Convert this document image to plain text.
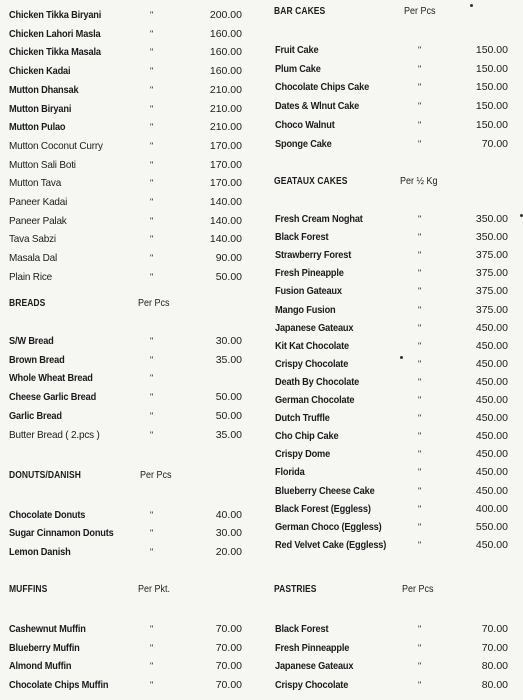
Chicken Tikka Biryani	"	200.00
Chicken Lahori Masla	"	160.00
Chicken Tikka Masala	"	160.00
Chicken Kadai	"	160.00
Mutton Dhansak	"	210.00
Mutton Biryani	"	210.00
Mutton Pulao	"	210.00
Mutton Coconut Curry	"	170.00
Mutton Sali Boti	"	170.00
Mutton Tava	"	170.00
Paneer Kadai	"	140.00
Paneer Palak	"	140.00
Tava Sabzi	"	140.00
Masala Dal	"	90.00
Plain Rice	"	50.00
BREADS	Per Pcs
S/W Bread	"	30.00
Brown Bread	"	35.00
Whole Wheat Bread	"
Cheese Garlic Bread	"	50.00
Garlic Bread	"	50.00
Butter Bread ( 2.pcs )	"	35.00
DONUTS/DANISH	Per Pcs
Chocolate Donuts	"	40.00
Sugar Cinnamon Donuts	"	30.00
Lemon Danish	"	20.00
MUFFINS	Per Pkt.
Cashewnut Muffin	"	70.00
Blueberry Muffin	"	70.00
Almond Muffin	"	70.00
Chocolate Chips Muffin	"	70.00
BAR CAKES	Per Pcs
Fruit Cake	"	150.00
Plum Cake	"	150.00
Chocolate Chips Cake	"	150.00
Dates & Wlnut Cake	"	150.00
Choco Walnut	"	150.00
Sponge Cake	"	70.00
GEATAUX CAKES	Per ½ Kg
Fresh Cream Noghat	"	350.00
Black Forest	"	350.00
Strawberry Forest	"	375.00
Fresh Pineapple	"	375.00
Fusion Gateaux	"	375.00
Mango Fusion	"	375.00
Japanese Gateaux	"	450.00
Kit Kat Chocolate	"	450.00
Crispy Chocolate	"	450.00
Death By Chocolate	"	450.00
German Chocolate	"	450.00
Dutch Truffle	"	450.00
Cho Chip Cake	"	450.00
Crispy Dome	"	450.00
Florida	"	450.00
Blueberry Cheese Cake	"	450.00
Black Forest (Eggless)	"	400.00
German Choco (Eggless)	"	550.00
Red Velvet Cake (Eggless)	"	450.00
PASTRIES	Per Pcs
Black Forest	"	70.00
Fresh Pinneapple	"	70.00
Japanese Gateaux	"	80.00
Crispy Chocolate	"	80.00
